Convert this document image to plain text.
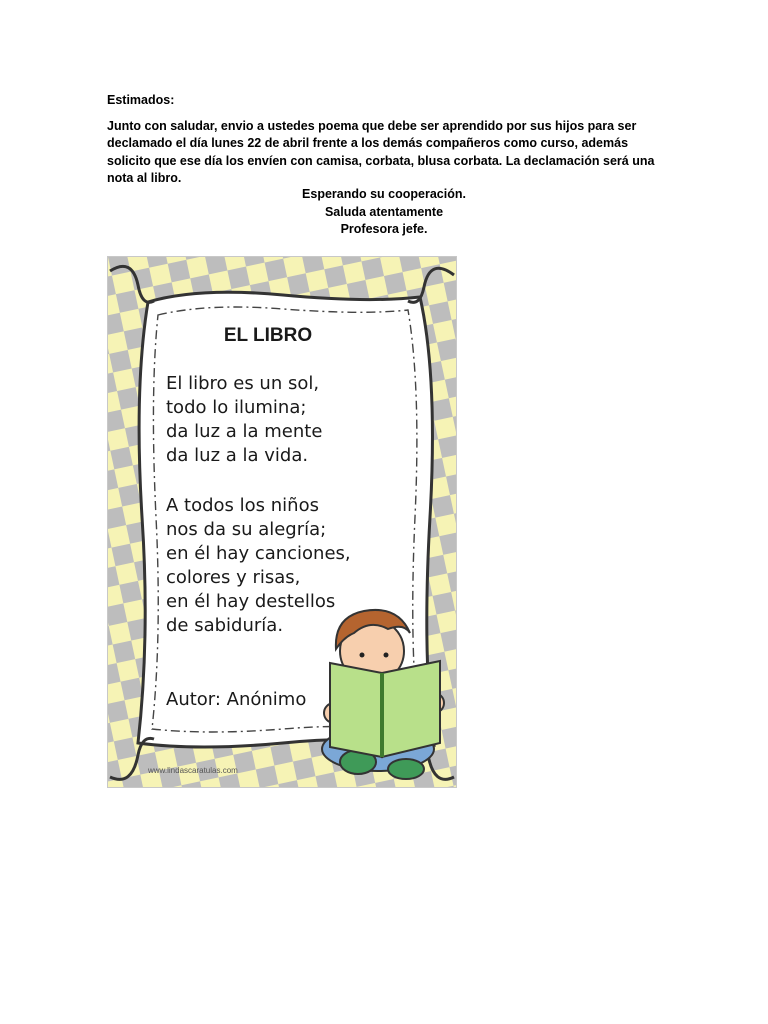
Estimados:

Junto con saludar, envio a ustedes poema que debe ser aprendido por sus hijos para ser declamado el día lunes 22 de abril frente a los demás compañeros como curso, además solicito que ese día los envíen con camisa, corbata, blusa corbata. La declamación será una nota al libro.

Esperando su cooperación.
Saluda atentamente
Profesora jefe.
EL LIBRO
El libro es un sol,
todo lo ilumina;
da luz a la mente
da luz a la vida.
A todos los niños
nos da su alegría;
en él hay canciones,
colores y risas,
en él hay destellos
de sabiduría.
Autor: Anónimo
www.lindascaratulas.com
